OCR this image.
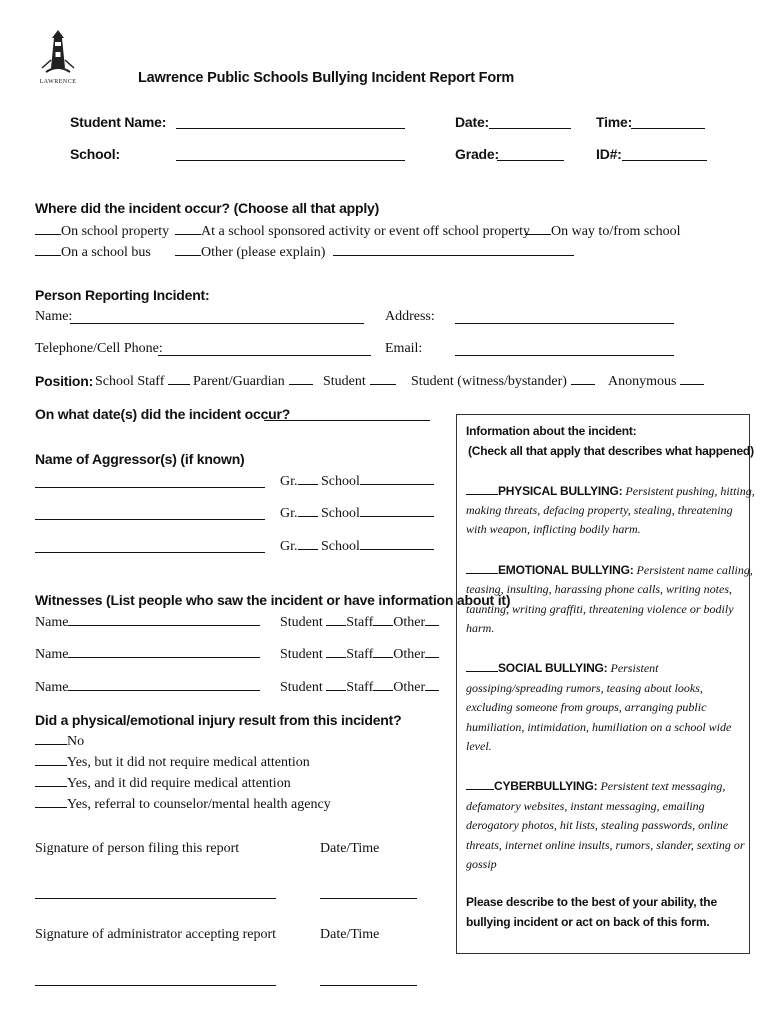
LAWRENCE	Lawrence Public Schools Bullying Incident Report Form
Student Name:	Date:	Time:
School:	Grade:	ID#:
Where did the incident occur? (Choose all that apply)
On school property	At a school sponsored activity or event off school property	On way to/from school
On a school bus	Other (please explain)
Person Reporting Incident:
Name:	Address:
Telephone/Cell Phone:	Email:
Position: School Staff	Parent/Guardian	Student	Student (witness/bystander)	Anonymous
On what date(s) did the incident occur?
Name of Aggressor(s) (if known)
Gr. School
Gr. School
Gr. School
Witnesses (List people who saw the incident or have information about it)
Name	Student Staff Other
Name	Student Staff Other
Name	Student Staff Other
Did a physical/emotional injury result from this incident?
No
Yes, but it did not require medical attention
Yes, and it did require medical attention
Yes, referral to counselor/mental health agency
Signature of person filing this report	Date/Time
Signature of administrator accepting report	Date/Time
Information about the incident:
(Check all that apply that describes what happened)
PHYSICAL BULLYING: Persistent pushing, hitting,
making threats, defacing property, stealing, threatening
with weapon, inflicting bodily harm.
EMOTIONAL BULLYING: Persistent name calling,
teasing, insulting, harassing phone calls, writing notes,
taunting, writing graffiti, threatening violence or bodily
harm.
SOCIAL BULLYING: Persistent
gossiping/spreading rumors, teasing about looks,
excluding someone from groups, arranging public
humiliation, intimidation, humiliation on a school wide
level.
CYBERBULLYING: Persistent text messaging,
defamatory websites, instant messaging, emailing
derogatory photos, hit lists, stealing passwords, online
threats, internet online insults, rumors, slander, sexting or
gossip
Please describe to the best of your ability, the
bullying incident or act on back of this form.
